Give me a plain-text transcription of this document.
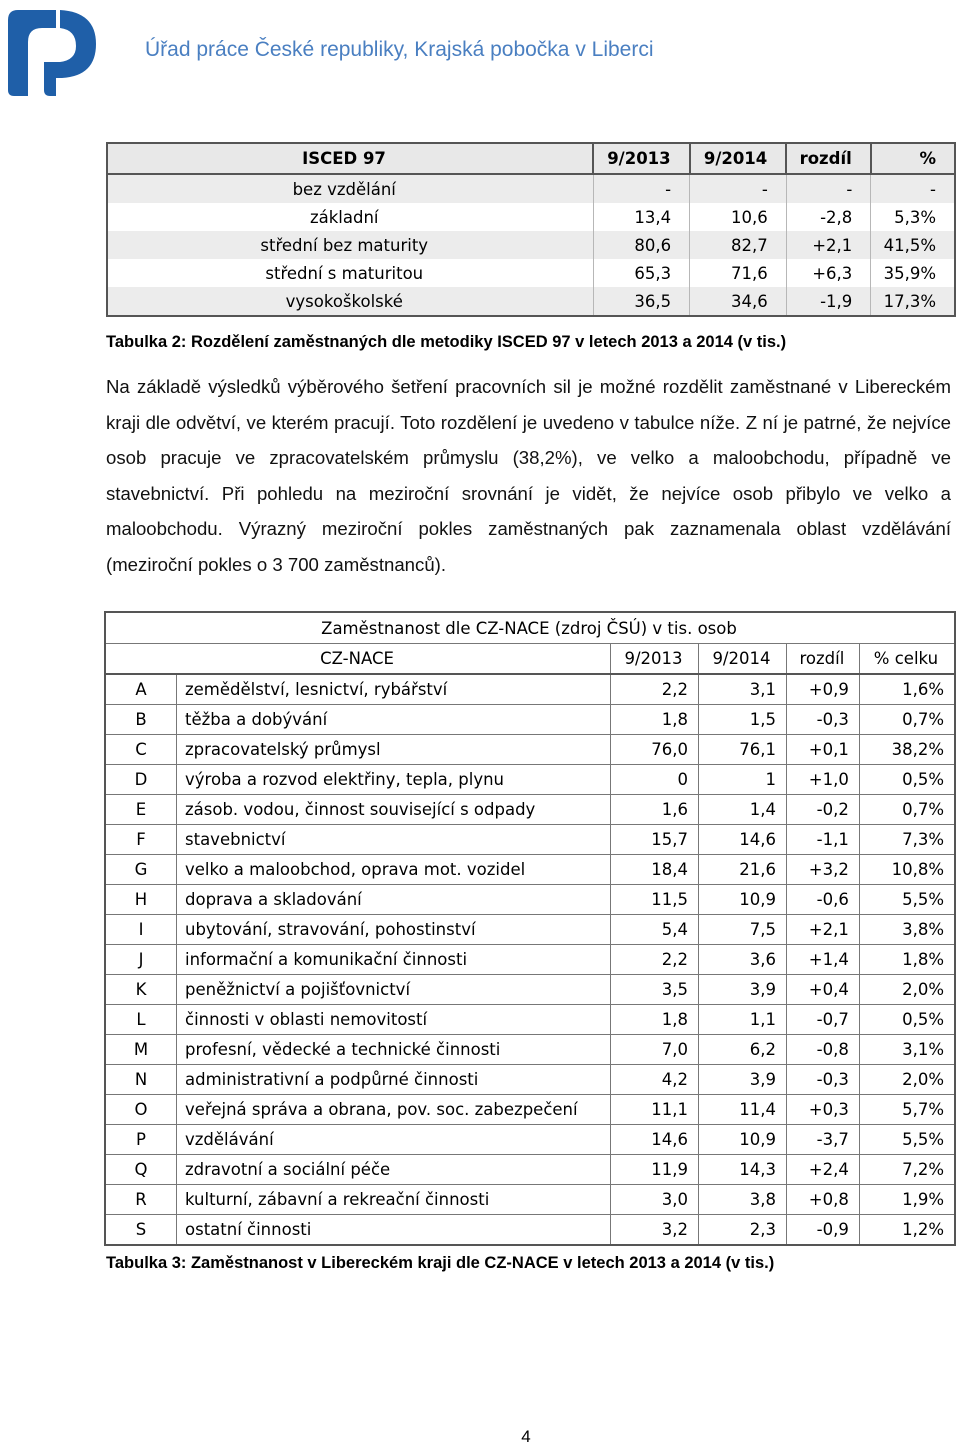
Úřad práce České republiky, Krajská pobočka v Liberci
ISCED 97	9/2013	9/2014	rozdíl	%
bez vzdělání	-	-	-	-
základní	13,4	10,6	-2,8	5,3%
střední bez maturity	80,6	82,7	+2,1	41,5%
střední s maturitou	65,3	71,6	+6,3	35,9%
vysokoškolské	36,5	34,6	-1,9	17,3%
Tabulka 2: Rozdělení zaměstnaných dle metodiky ISCED 97 v letech 2013 a 2014 (v tis.)
Na základě výsledků výběrového šetření pracovních sil je možné rozdělit zaměstnané v Libereckém kraji dle odvětví, ve kterém pracují. Toto rozdělení je uvedeno v tabulce níže. Z ní je patrné, že nejvíce osob pracuje ve zpracovatelském průmyslu (38,2%), ve velko a maloobchodu, případně ve stavebnictví. Při pohledu na meziroční srovnání je vidět, že nejvíce osob přibylo ve velko a maloobchodu. Výrazný meziroční pokles zaměstnaných pak zaznamenala oblast vzdělávání (meziroční pokles o 3 700 zaměstnanců).
Zaměstnanost dle CZ-NACE (zdroj ČSÚ) v tis. osob					
CZ-NACE		9/2013	9/2014	rozdíl	% celku
A	zemědělství, lesnictví, rybářství	2,2	3,1	+0,9	1,6%
B	těžba a dobývání	1,8	1,5	-0,3	0,7%
C	zpracovatelský průmysl	76,0	76,1	+0,1	38,2%
D	výroba a rozvod elektřiny, tepla, plynu	0	1	+1,0	0,5%
E	zásob. vodou, činnost související s odpady	1,6	1,4	-0,2	0,7%
F	stavebnictví	15,7	14,6	-1,1	7,3%
G	velko a maloobchod, oprava mot. vozidel	18,4	21,6	+3,2	10,8%
H	doprava a skladování	11,5	10,9	-0,6	5,5%
I	ubytování, stravování, pohostinství	5,4	7,5	+2,1	3,8%
J	informační a komunikační činnosti	2,2	3,6	+1,4	1,8%
K	peněžnictví a pojišťovnictví	3,5	3,9	+0,4	2,0%
L	činnosti v oblasti nemovitostí	1,8	1,1	-0,7	0,5%
M	profesní, vědecké a technické činnosti	7,0	6,2	-0,8	3,1%
N	administrativní a podpůrné činnosti	4,2	3,9	-0,3	2,0%
O	veřejná správa a obrana, pov. soc. zabezpečení	11,1	11,4	+0,3	5,7%
P	vzdělávání	14,6	10,9	-3,7	5,5%
Q	zdravotní a sociální péče	11,9	14,3	+2,4	7,2%
R	kulturní, zábavní a rekreační činnosti	3,0	3,8	+0,8	1,9%
S	ostatní činnosti	3,2	2,3	-0,9	1,2%
Tabulka 3: Zaměstnanost v Libereckém kraji dle CZ-NACE v letech 2013 a 2014 (v tis.)
4
